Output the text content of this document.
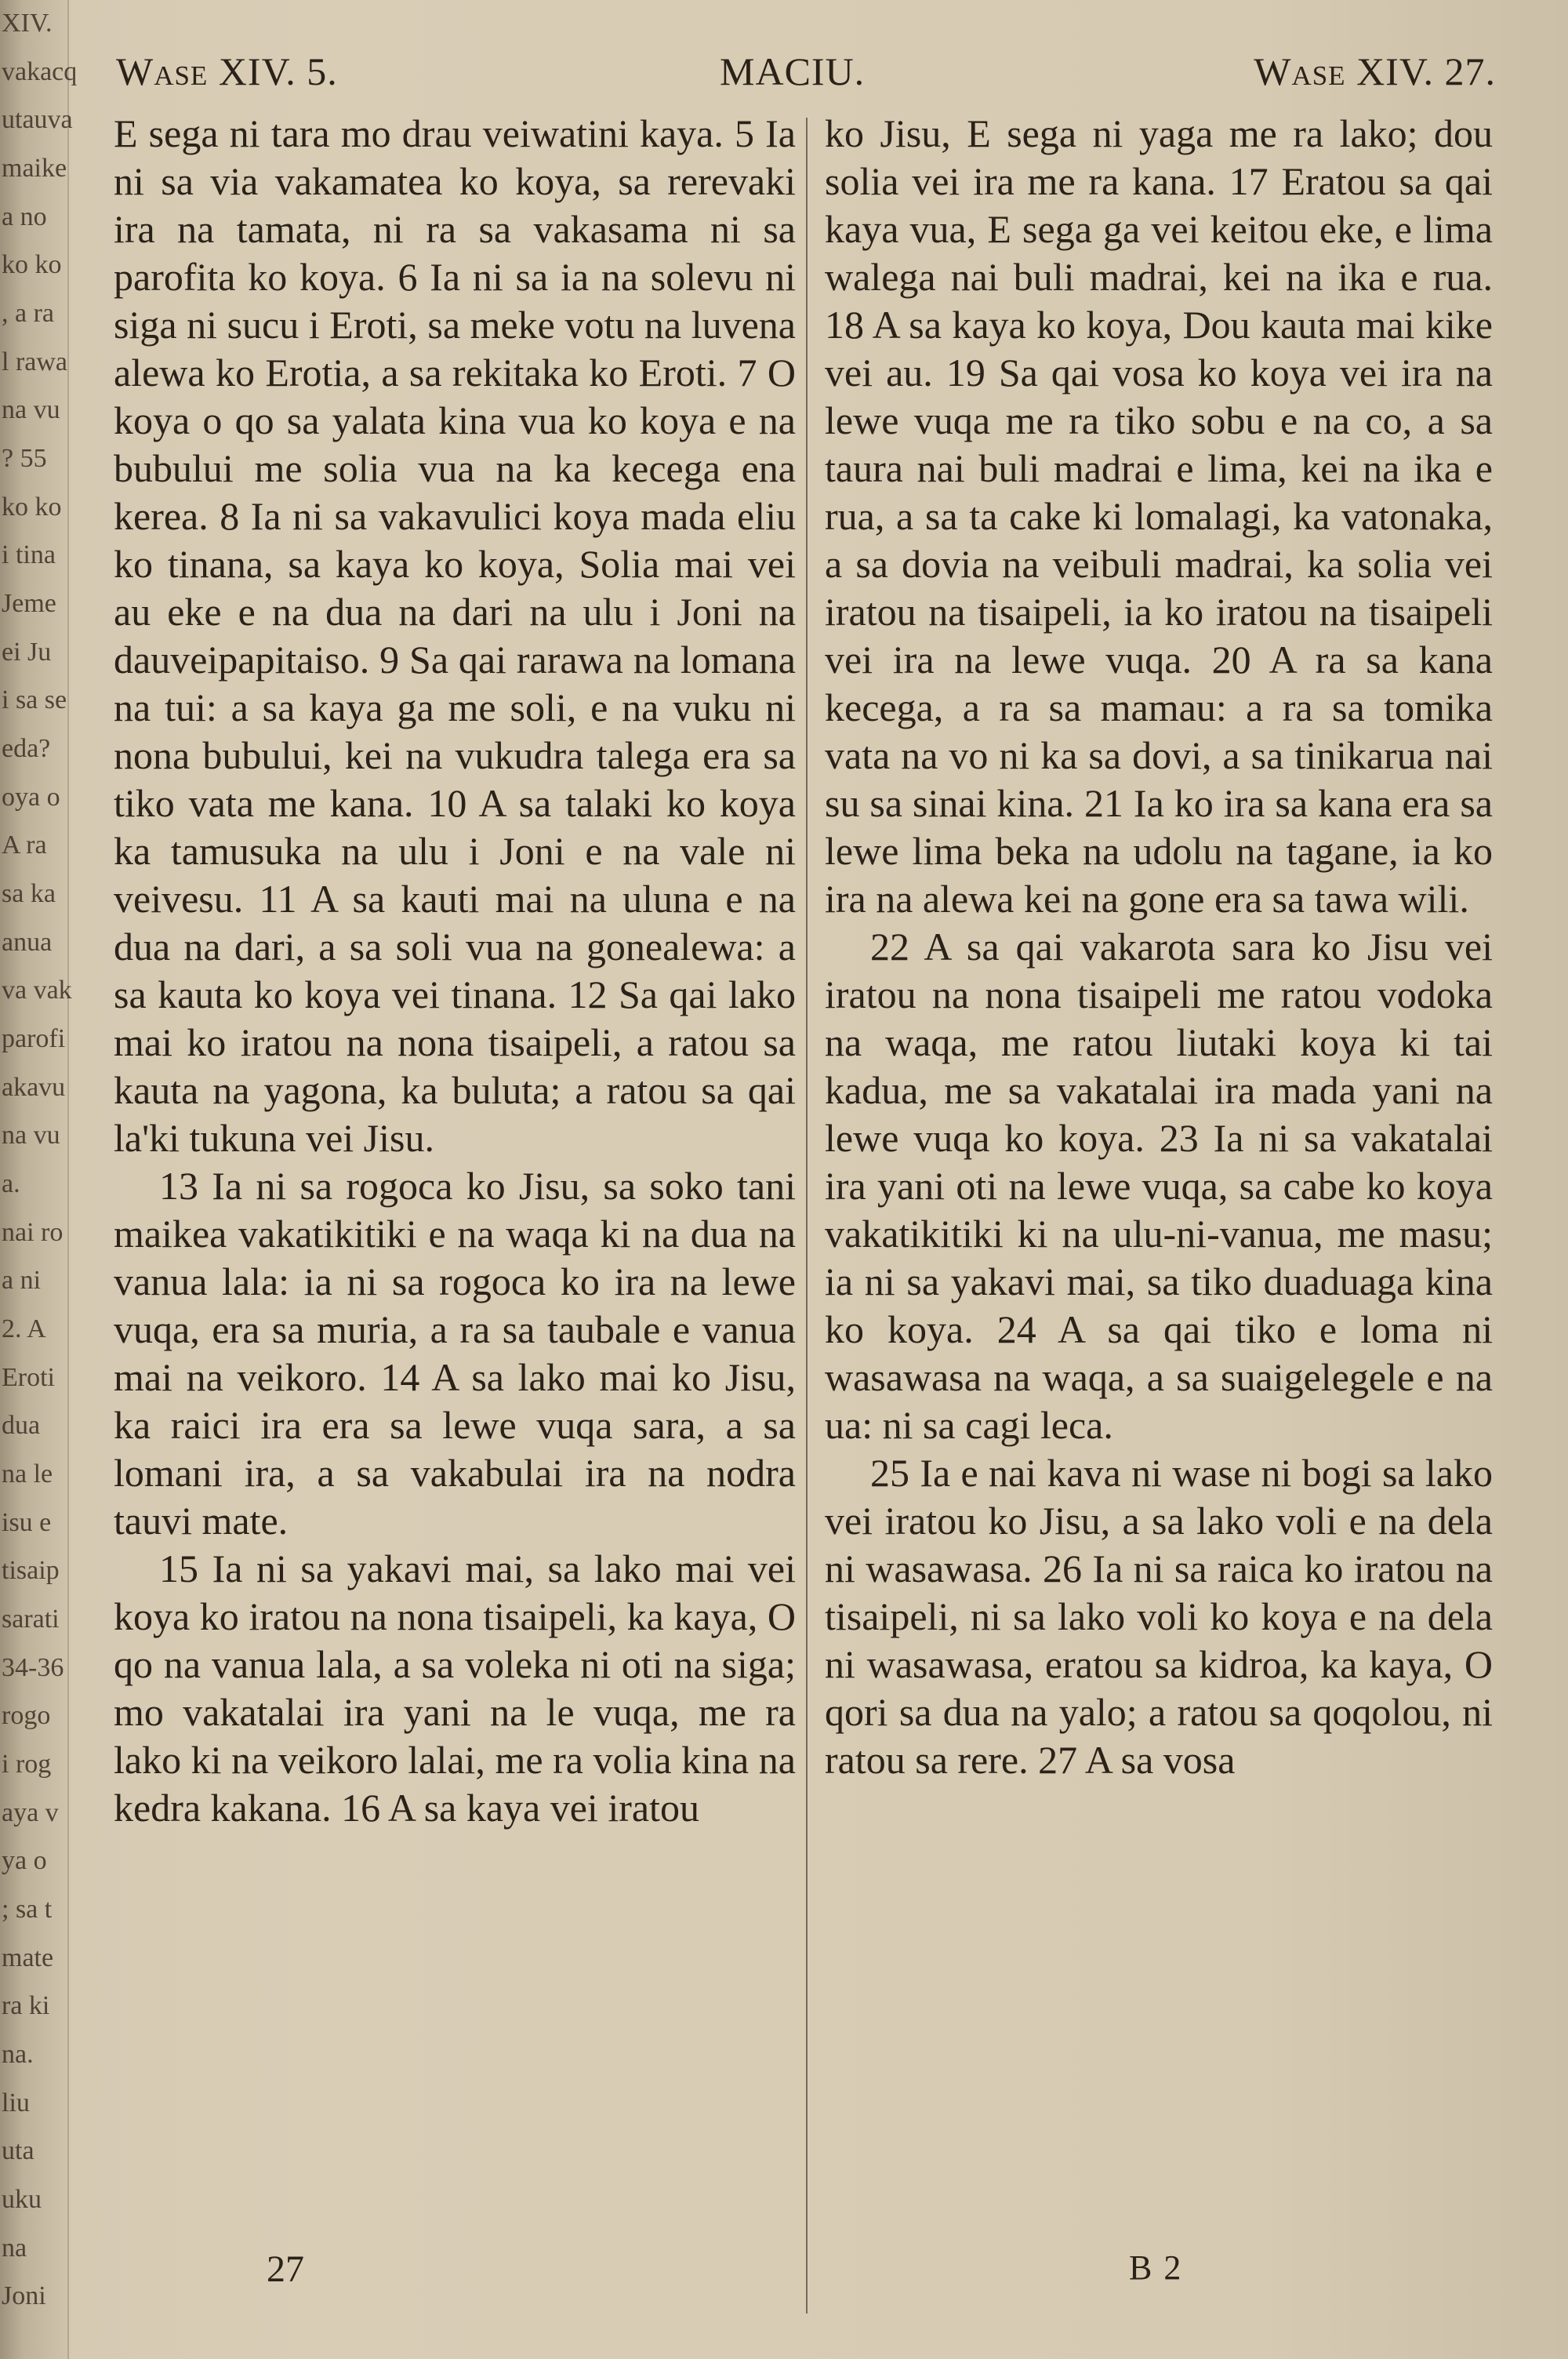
XIV.
vakacq
utauva
maike
a no
ko ko
, a ra
l rawa
na vu
? 55
ko ko
i tina
Jeme
ei Ju
i sa se
eda?
oya o
A ra
sa ka
anua
va vak
parofi
akavu
na vu
a.
nai ro
a ni
2. A
Eroti
dua
na le
isu e
tisaip
sarati
34-36
rogo
i rog
aya v
ya o
; sa t
mate
ra ki
na.
liu
uta
uku
na
Joni
Wase XIV. 5.	MACIU.	Wase XIV. 27.

E sega ni tara mo drau veiwatini kaya. 5 Ia ni sa via vakamatea ko koya, sa rerevaki ira na tamata, ni ra sa vakasama ni sa parofita ko koya. 6 Ia ni sa ia na solevu ni siga ni sucu i Eroti, sa meke votu na luvena alewa ko Erotia, a sa rekitaka ko Eroti. 7 O koya o qo sa yalata kina vua ko koya e na bubului me solia vua na ka kecega ena kerea. 8 Ia ni sa vakavulici koya mada eliu ko tinana, sa kaya ko koya, Solia mai vei au eke e na dua na dari na ulu i Joni na dauveipapitaiso. 9 Sa qai rarawa na lomana na tui: a sa kaya ga me soli, e na vuku ni nona bubului, kei na vukudra talega era sa tiko vata me kana. 10 A sa talaki ko koya ka tamusuka na ulu i Joni e na vale ni veivesu. 11 A sa kauti mai na uluna e na dua na dari, a sa soli vua na gonealewa: a sa kauta ko koya vei tinana. 12 Sa qai lako mai ko iratou na nona tisaipeli, a ratou sa kauta na yagona, ka buluta; a ratou sa qai la'ki tukuna vei Jisu.

13 Ia ni sa rogoca ko Jisu, sa soko tani maikea vakatikitiki e na waqa ki na dua na vanua lala: ia ni sa rogoca ko ira na lewe vuqa, era sa muria, a ra sa taubale e vanua mai na veikoro. 14 A sa lako mai ko Jisu, ka raici ira era sa lewe vuqa sara, a sa lomani ira, a sa vakabulai ira na nodra tauvi mate.

15 Ia ni sa yakavi mai, sa lako mai vei koya ko iratou na nona tisaipeli, ka kaya, O qo na vanua lala, a sa voleka ni oti na siga; mo vakatalai ira yani na le vuqa, me ra lako ki na veikoro lalai, me ra volia kina na kedra kakana. 16 A sa kaya vei iratou

ko Jisu, E sega ni yaga me ra lako; dou solia vei ira me ra kana. 17 Eratou sa qai kaya vua, E sega ga vei keitou eke, e lima walega nai buli madrai, kei na ika e rua. 18 A sa kaya ko koya, Dou kauta mai kike vei au. 19 Sa qai vosa ko koya vei ira na lewe vuqa me ra tiko sobu e na co, a sa taura nai buli madrai e lima, kei na ika e rua, a sa ta cake ki lomalagi, ka vatonaka, a sa dovia na veibuli madrai, ka solia vei iratou na tisaipeli, ia ko iratou na tisaipeli vei ira na lewe vuqa. 20 A ra sa kana kecega, a ra sa mamau: a ra sa tomika vata na vo ni ka sa dovi, a sa tinikarua nai su sa sinai kina. 21 Ia ko ira sa kana era sa lewe lima beka na udolu na tagane, ia ko ira na alewa kei na gone era sa tawa wili.

22 A sa qai vakarota sara ko Jisu vei iratou na nona tisaipeli me ratou vodoka na waqa, me ratou liutaki koya ki tai kadua, me sa vakatalai ira mada yani na lewe vuqa ko koya. 23 Ia ni sa vakatalai ira yani oti na lewe vuqa, sa cabe ko koya vakatikitiki ki na ulu-ni-vanua, me masu; ia ni sa yakavi mai, sa tiko duaduaga kina ko koya. 24 A sa qai tiko e loma ni wasawasa na waqa, a sa suaigelegele e na ua: ni sa cagi leca.

25 Ia e nai kava ni wase ni bogi sa lako vei iratou ko Jisu, a sa lako voli e na dela ni wasawasa. 26 Ia ni sa raica ko iratou na tisaipeli, ni sa lako voli ko koya e na dela ni wasawasa, eratou sa kidroa, ka kaya, O qori sa dua na yalo; a ratou sa qoqolou, ni ratou sa rere. 27 A sa vosa

27	B 2
